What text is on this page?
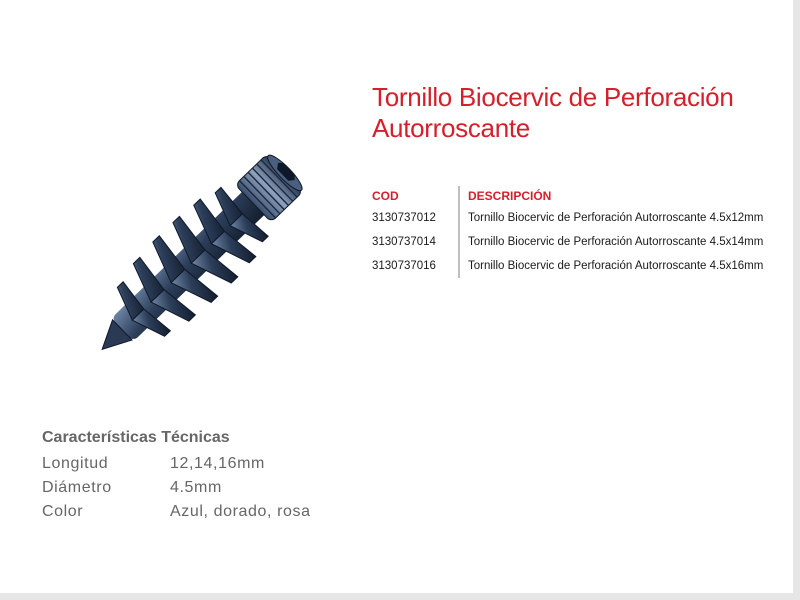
Tornillo Biocervic de Perforación
Autorroscante
COD	DESCRIPCIÓN
3130737012	Tornillo Biocervic de Perforación Autorroscante 4.5x12mm
3130737014	Tornillo Biocervic de Perforación Autorroscante 4.5x14mm
3130737016	Tornillo Biocervic de Perforación Autorroscante 4.5x16mm
Características Técnicas
Longitud	12,14,16mm
Diámetro	4.5mm
Color	Azul, dorado, rosa
